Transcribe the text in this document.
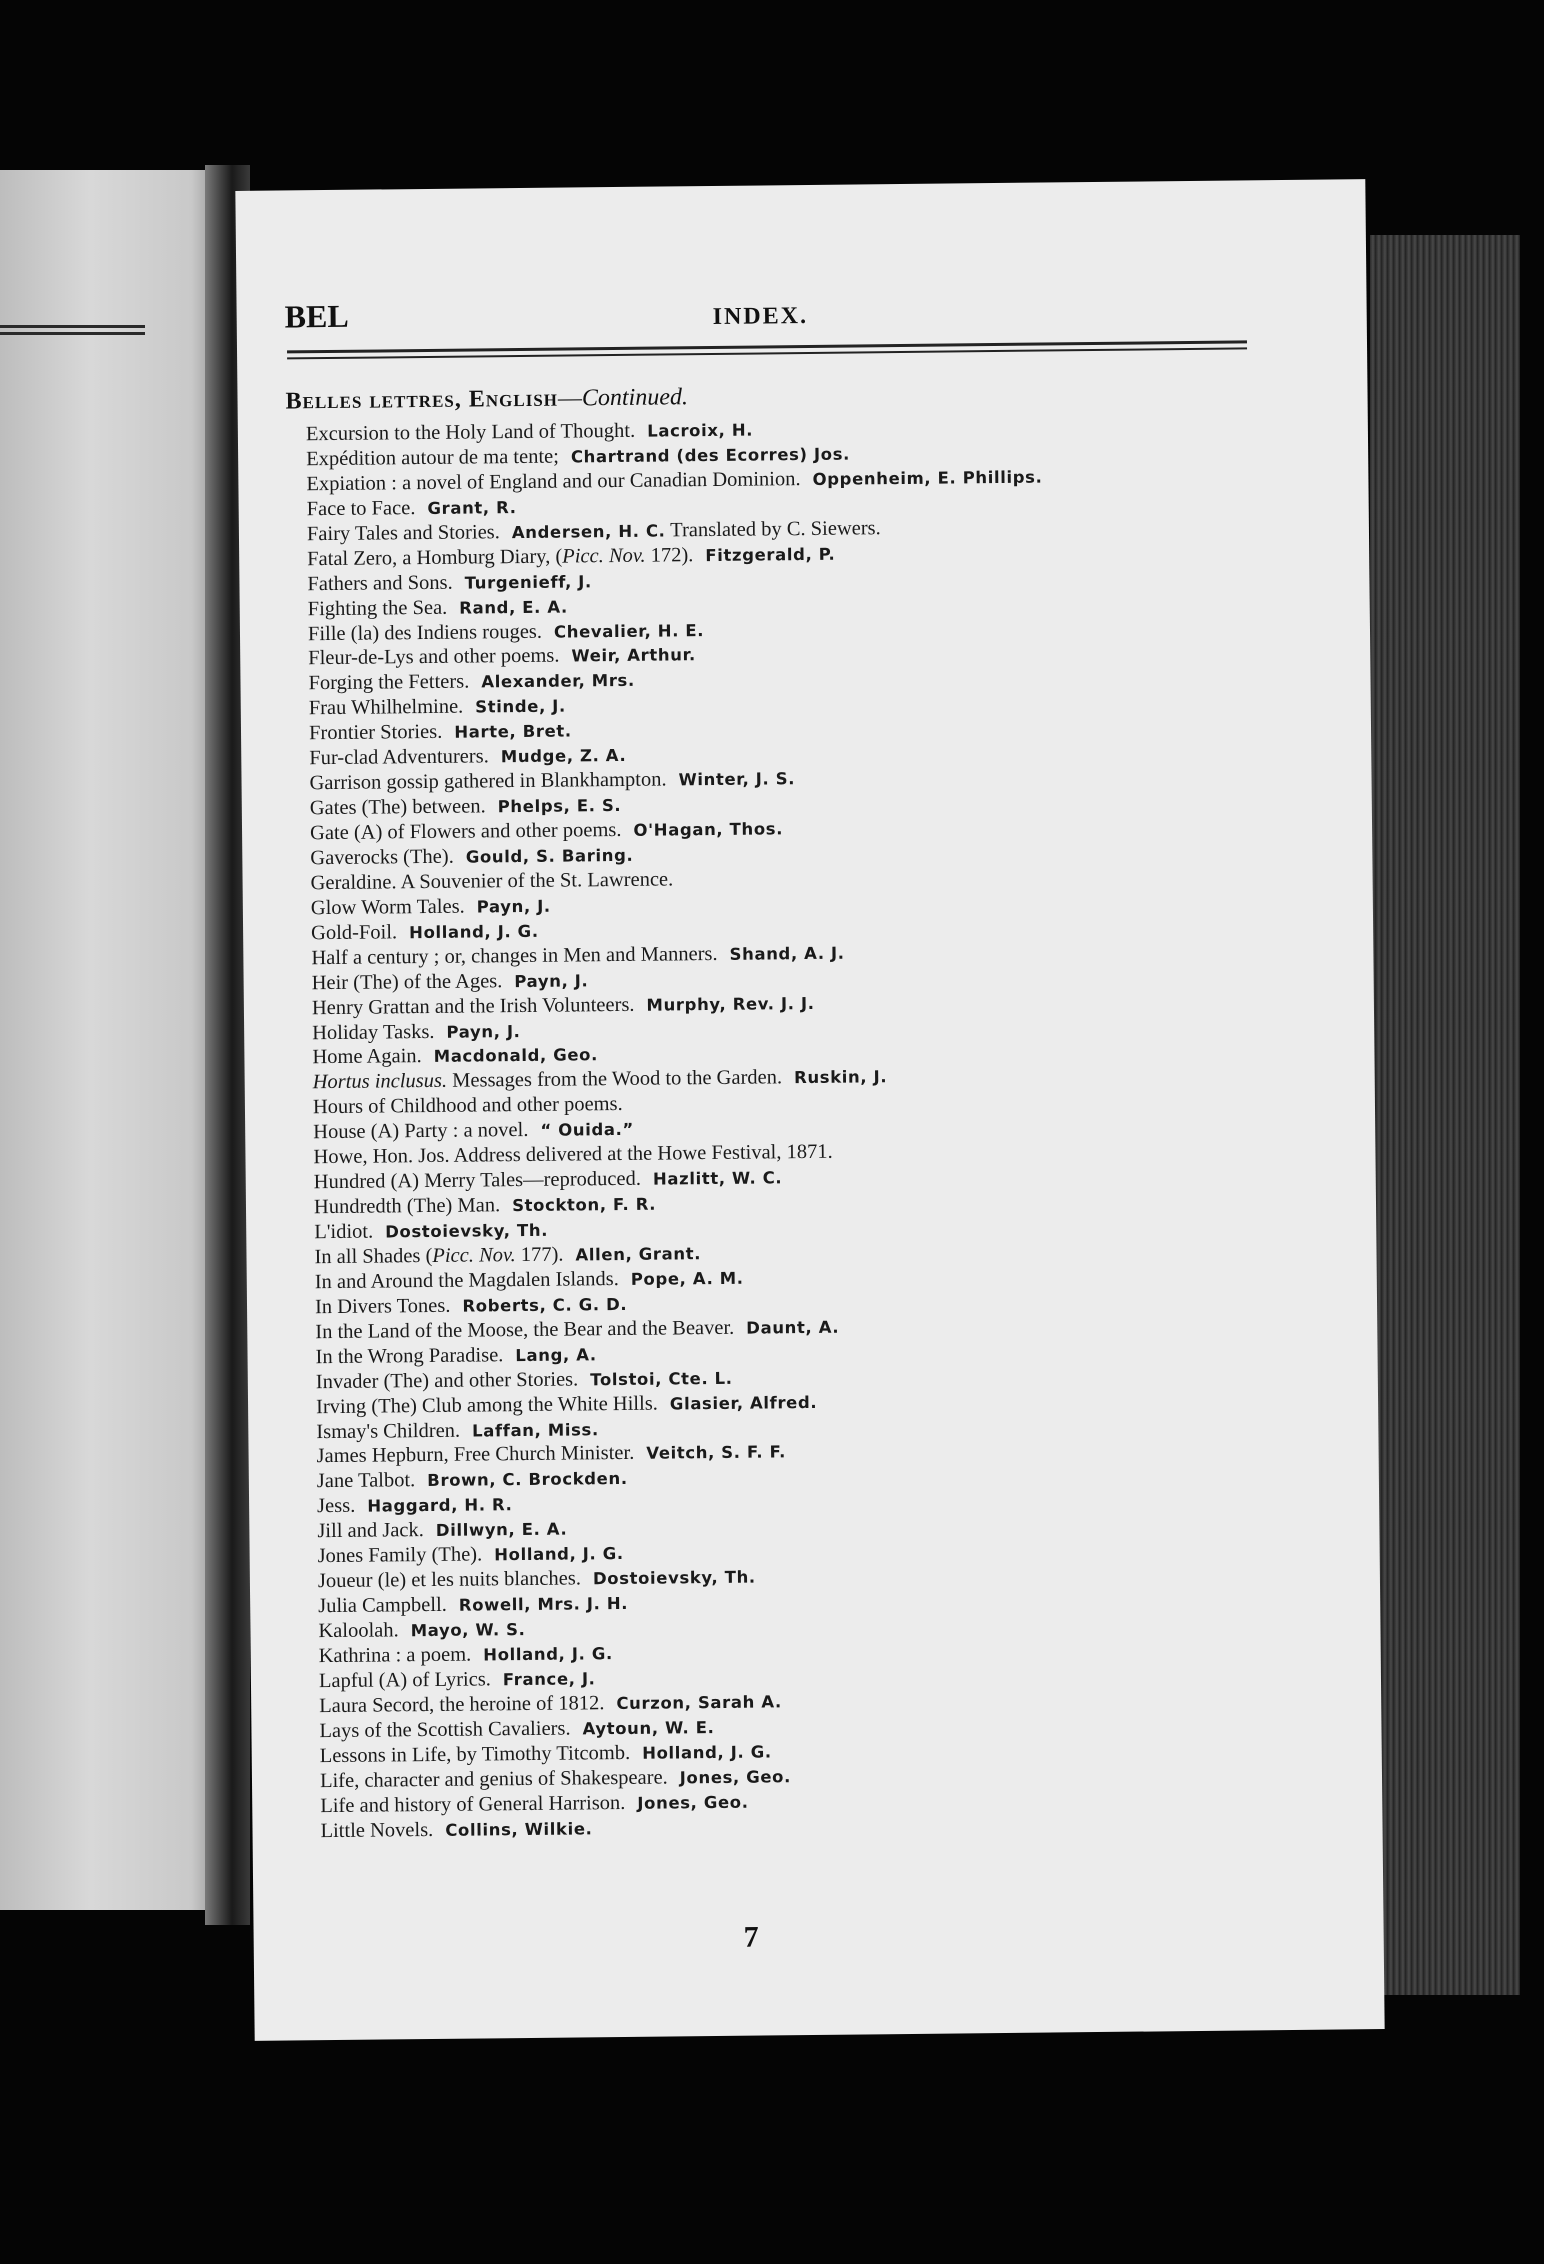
BEL	INDEX.
Belles lettres, English—Continued.
Excursion to the Holy Land of Thought. Lacroix, H.
Expédition autour de ma tente; Chartrand (des Ecorres) Jos.
Expiation : a novel of England and our Canadian Dominion. Oppenheim, E. Phillips.
Face to Face. Grant, R.
Fairy Tales and Stories. Andersen, H. C. Translated by C. Siewers.
Fatal Zero, a Homburg Diary, (Picc. Nov. 172). Fitzgerald, P.
Fathers and Sons. Turgenieff, J.
Fighting the Sea. Rand, E. A.
Fille (la) des Indiens rouges. Chevalier, H. E.
Fleur-de-Lys and other poems. Weir, Arthur.
Forging the Fetters. Alexander, Mrs.
Frau Whilhelmine. Stinde, J.
Frontier Stories. Harte, Bret.
Fur-clad Adventurers. Mudge, Z. A.
Garrison gossip gathered in Blankhampton. Winter, J. S.
Gates (The) between. Phelps, E. S.
Gate (A) of Flowers and other poems. O'Hagan, Thos.
Gaverocks (The). Gould, S. Baring.
Geraldine. A Souvenier of the St. Lawrence.
Glow Worm Tales. Payn, J.
Gold-Foil. Holland, J. G.
Half a century ; or, changes in Men and Manners. Shand, A. J.
Heir (The) of the Ages. Payn, J.
Henry Grattan and the Irish Volunteers. Murphy, Rev. J. J.
Holiday Tasks. Payn, J.
Home Again. Macdonald, Geo.
Hortus inclusus. Messages from the Wood to the Garden. Ruskin, J.
Hours of Childhood and other poems.
House (A) Party : a novel. “ Ouida.”
Howe, Hon. Jos. Address delivered at the Howe Festival, 1871.
Hundred (A) Merry Tales—reproduced. Hazlitt, W. C.
Hundredth (The) Man. Stockton, F. R.
L'idiot. Dostoievsky, Th.
In all Shades (Picc. Nov. 177). Allen, Grant.
In and Around the Magdalen Islands. Pope, A. M.
In Divers Tones. Roberts, C. G. D.
In the Land of the Moose, the Bear and the Beaver. Daunt, A.
In the Wrong Paradise. Lang, A.
Invader (The) and other Stories. Tolstoi, Cte. L.
Irving (The) Club among the White Hills. Glasier, Alfred.
Ismay's Children. Laffan, Miss.
James Hepburn, Free Church Minister. Veitch, S. F. F.
Jane Talbot. Brown, C. Brockden.
Jess. Haggard, H. R.
Jill and Jack. Dillwyn, E. A.
Jones Family (The). Holland, J. G.
Joueur (le) et les nuits blanches. Dostoievsky, Th.
Julia Campbell. Rowell, Mrs. J. H.
Kaloolah. Mayo, W. S.
Kathrina : a poem. Holland, J. G.
Lapful (A) of Lyrics. France, J.
Laura Secord, the heroine of 1812. Curzon, Sarah A.
Lays of the Scottish Cavaliers. Aytoun, W. E.
Lessons in Life, by Timothy Titcomb. Holland, J. G.
Life, character and genius of Shakespeare. Jones, Geo.
Life and history of General Harrison. Jones, Geo.
Little Novels. Collins, Wilkie.
7
